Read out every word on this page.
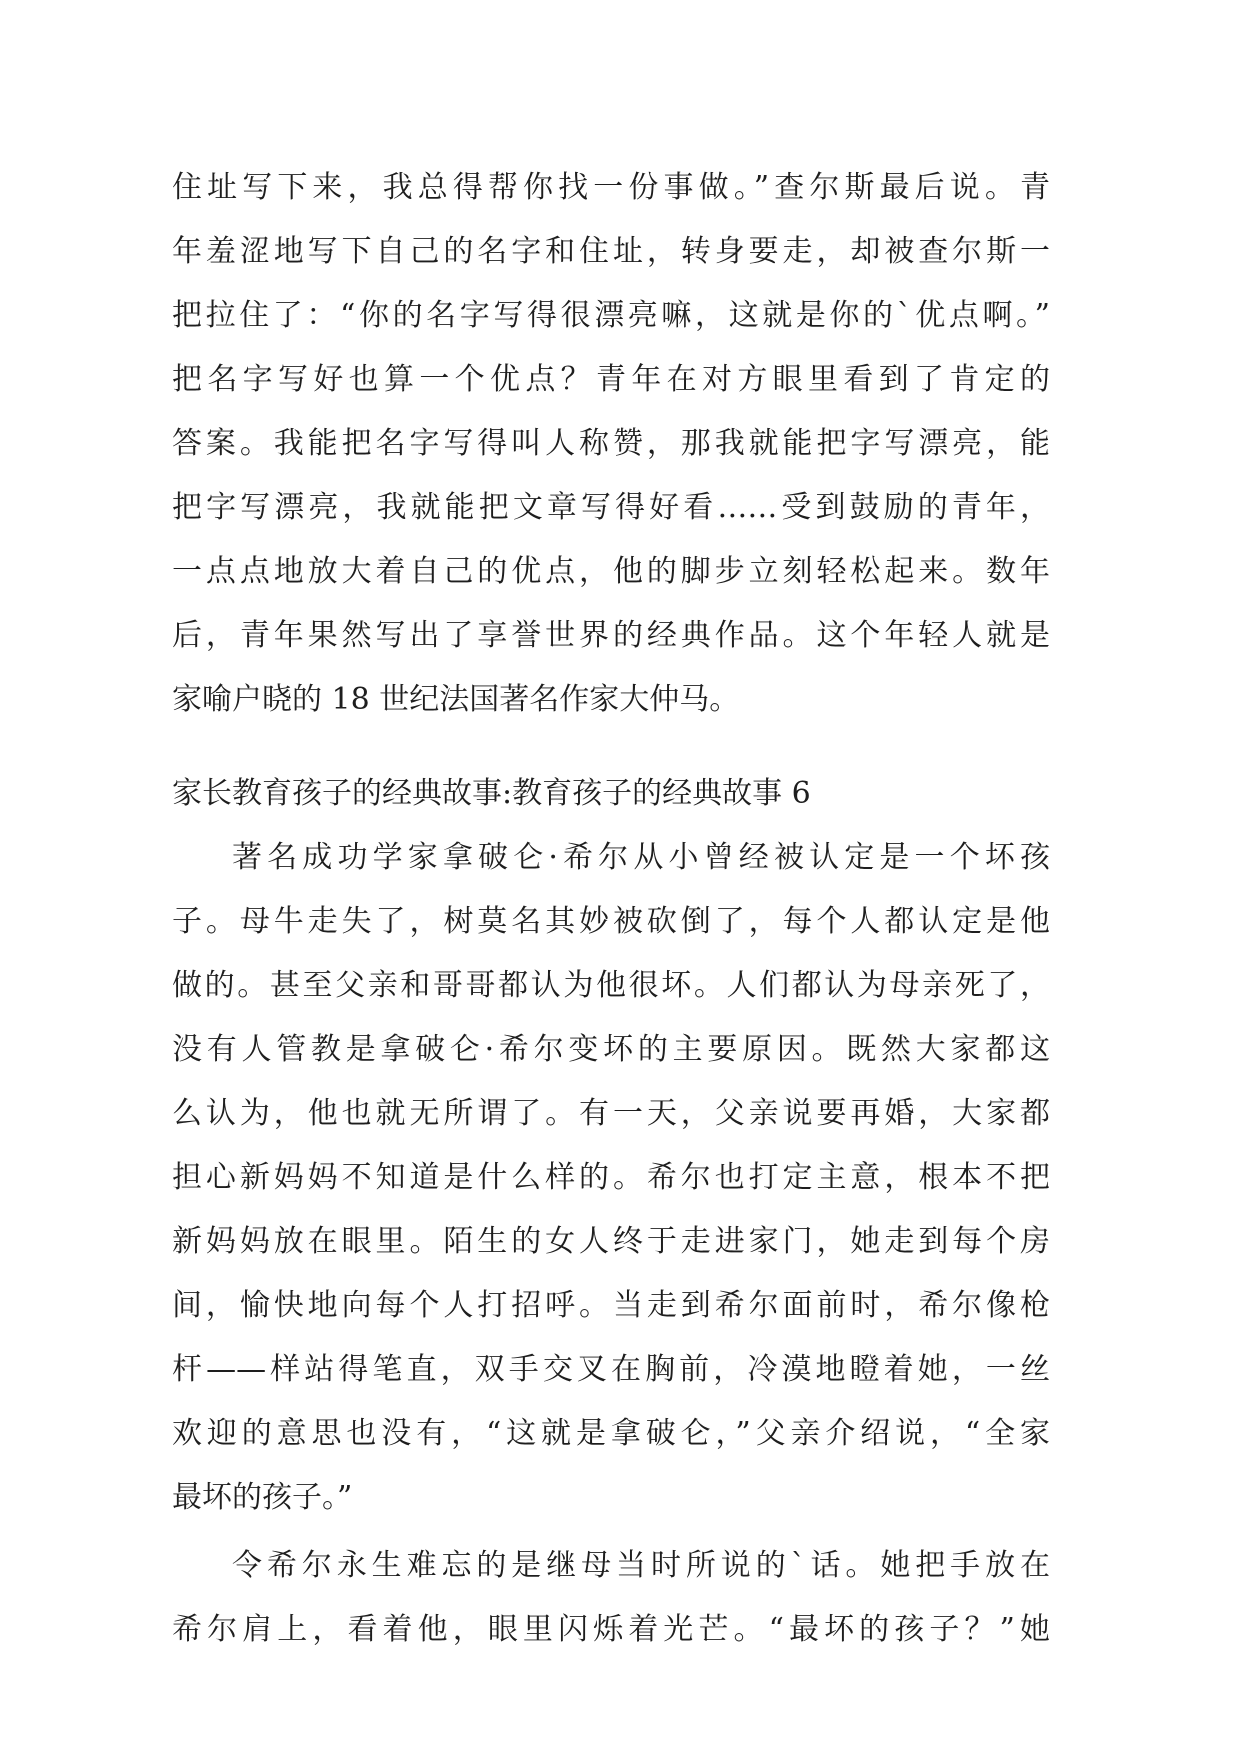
住址写下来，我总得帮你找一份事做。”查尔斯最后说。青
年羞涩地写下自己的名字和住址，转身要走，却被查尔斯一
把拉住了：“你的名字写得很漂亮嘛，这就是你的`优点啊。”
把名字写好也算一个优点？青年在对方眼里看到了肯定的
答案。我能把名字写得叫人称赞，那我就能把字写漂亮，能
把字写漂亮，我就能把文章写得好看……受到鼓励的青年，
一点点地放大着自己的优点，他的脚步立刻轻松起来。数年
后，青年果然写出了享誉世界的经典作品。这个年轻人就是
家喻户晓的 18 世纪法国著名作家大仲马。
家长教育孩子的经典故事:教育孩子的经典故事 6
著名成功学家拿破仑·希尔从小曾经被认定是一个坏孩
子。母牛走失了，树莫名其妙被砍倒了，每个人都认定是他
做的。甚至父亲和哥哥都认为他很坏。人们都认为母亲死了，
没有人管教是拿破仑·希尔变坏的主要原因。既然大家都这
么认为，他也就无所谓了。有一天，父亲说要再婚，大家都
担心新妈妈不知道是什么样的。希尔也打定主意，根本不把
新妈妈放在眼里。陌生的女人终于走进家门，她走到每个房
间，愉快地向每个人打招呼。当走到希尔面前时，希尔像枪
杆——样站得笔直，双手交叉在胸前，冷漠地瞪着她，一丝
欢迎的意思也没有，“这就是拿破仑，”父亲介绍说，“全家
最坏的孩子。”
令希尔永生难忘的是继母当时所说的`话。她把手放在
希尔肩上，看着他，眼里闪烁着光芒。“最坏的孩子？”她
